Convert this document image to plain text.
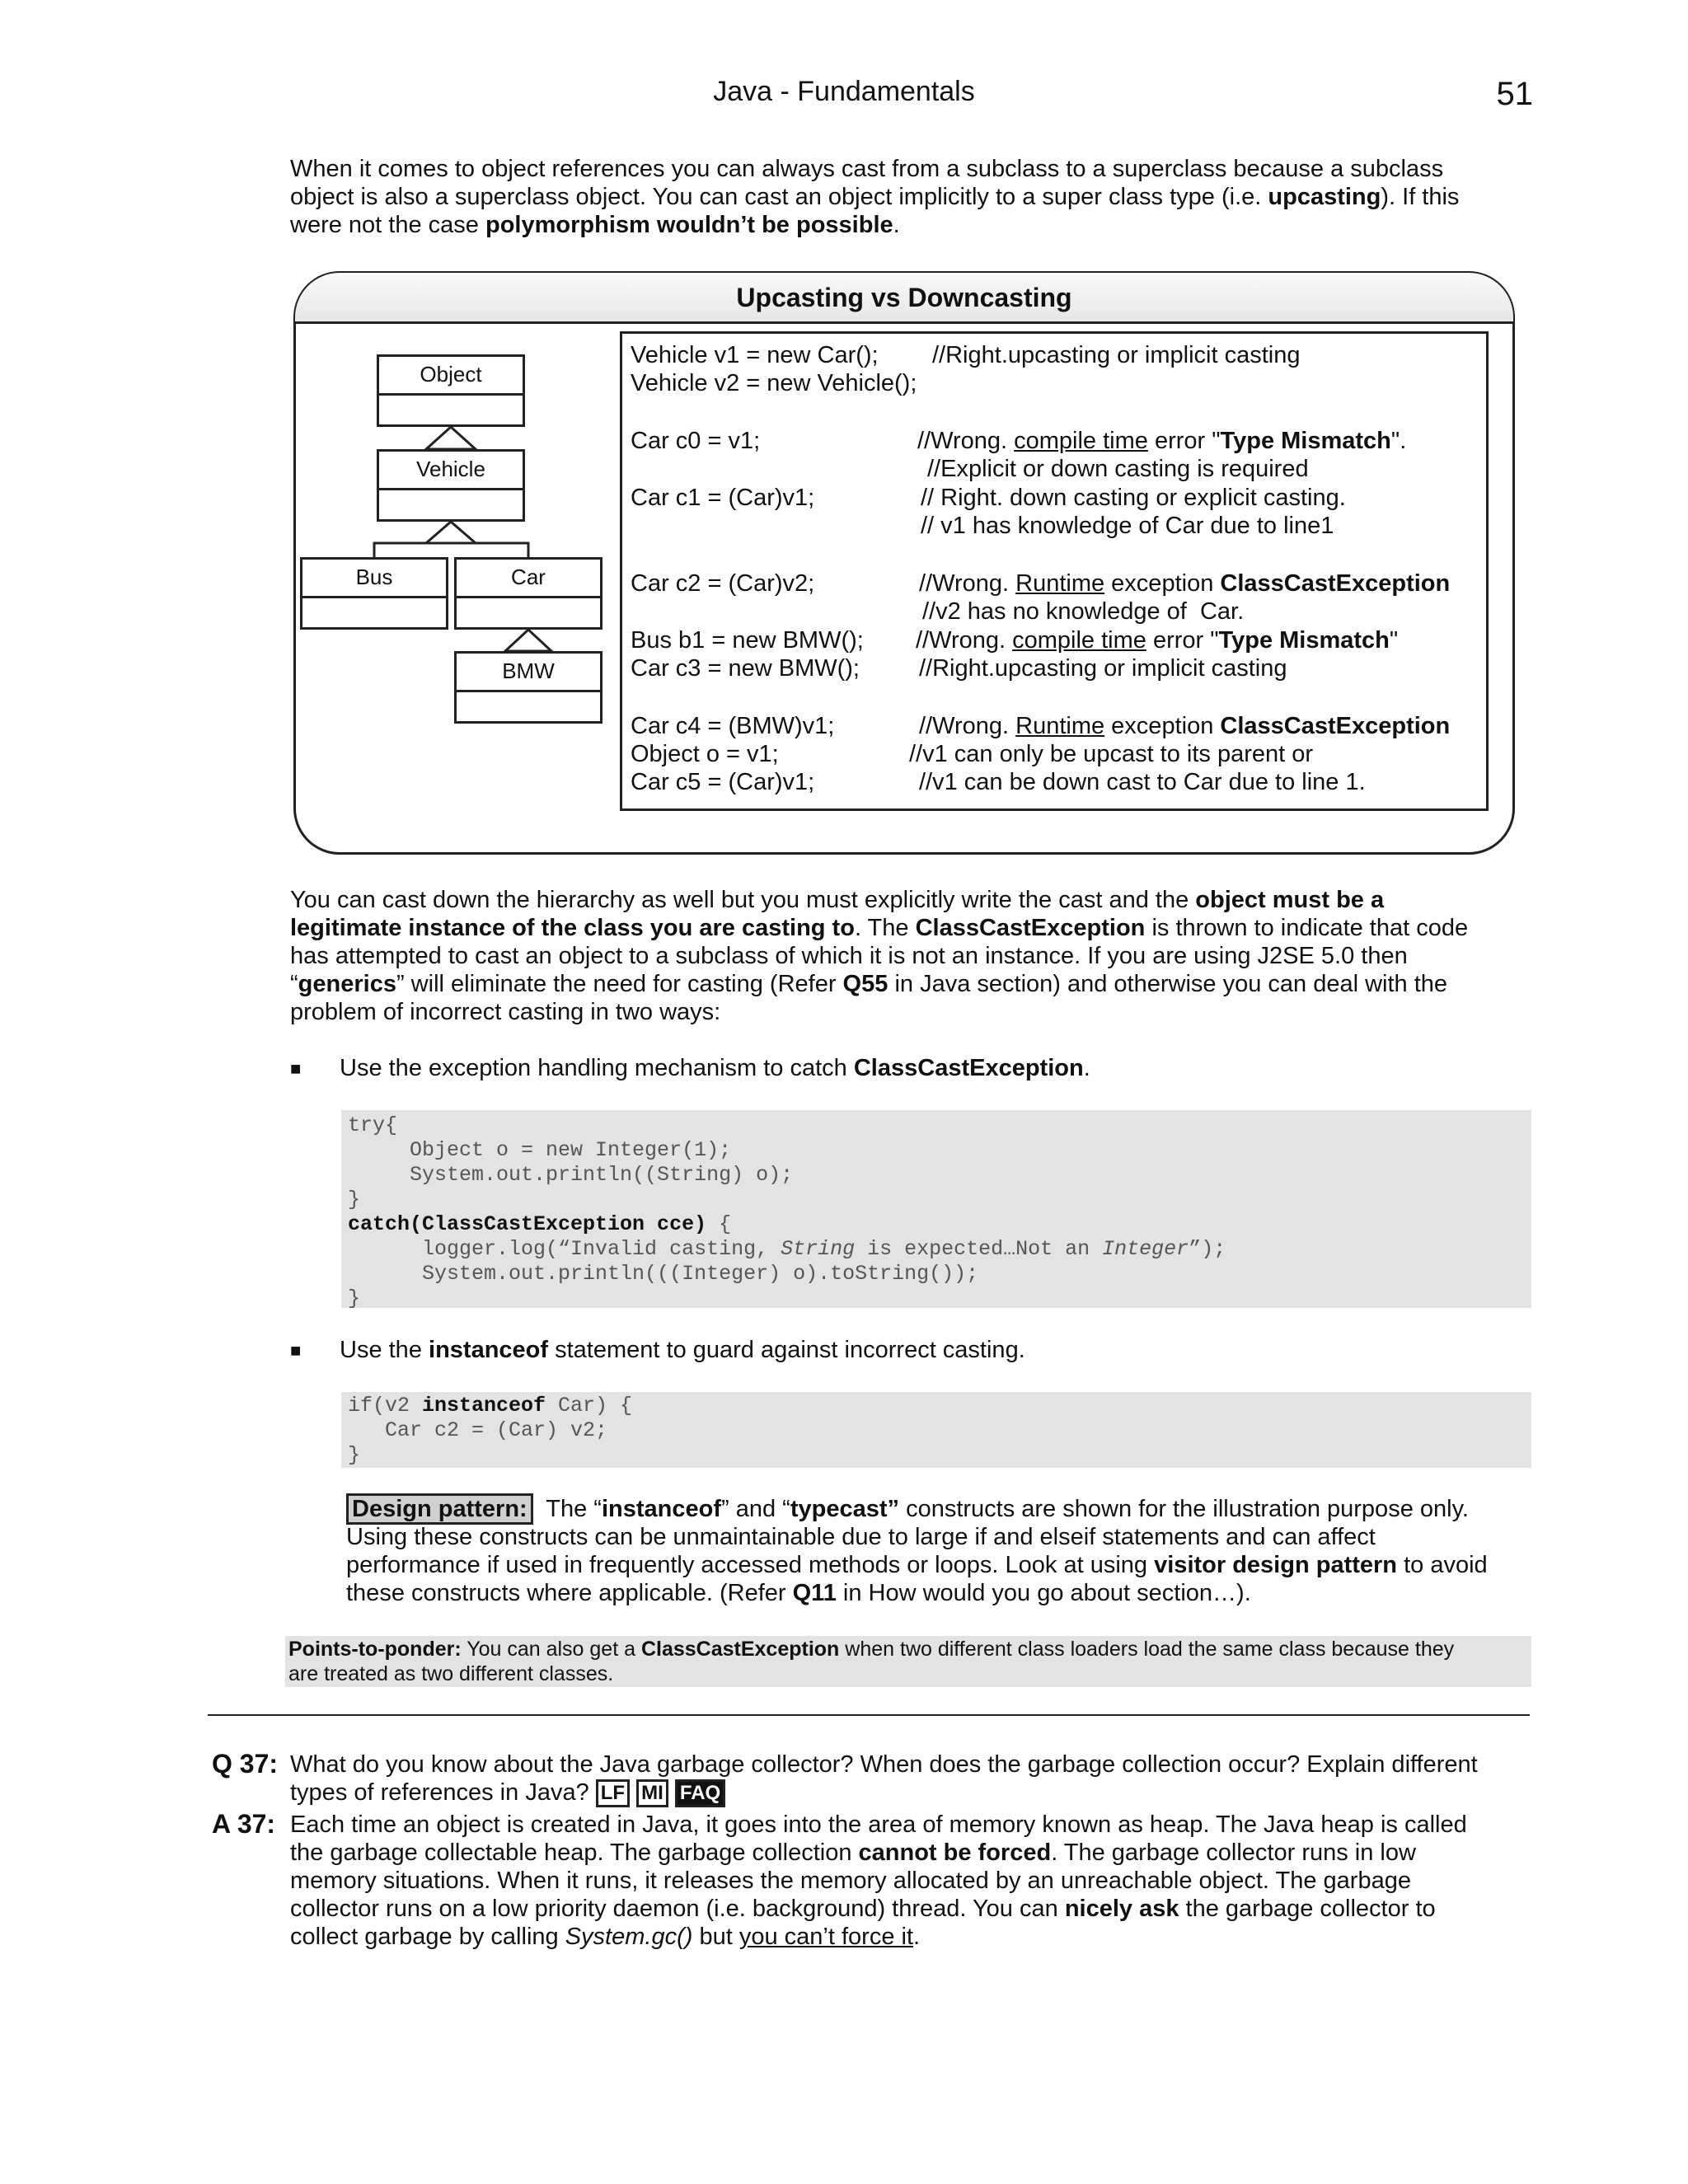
Java - Fundamentals	51
When it comes to object references you can always cast from a subclass to a superclass because a subclass
object is also a superclass object. You can cast an object implicitly to a super class type (i.e. upcasting). If this
were not the case polymorphism wouldn’t be possible.
Upcasting vs Downcasting
Object
Vehicle
Bus	Car
BMW
Vehicle v1 = new Car(); //Right.upcasting or implicit casting
Vehicle v2 = new Vehicle();
Car c0 = v1;	//Wrong. compile time error "Type Mismatch".
//Explicit or down casting is required
Car c1 = (Car)v1;	// Right. down casting or explicit casting.
// v1 has knowledge of Car due to line1
Car c2 = (Car)v2;	//Wrong. Runtime exception ClassCastException
//v2 has no knowledge of  Car.
Bus b1 = new BMW(); //Wrong. compile time error "Type Mismatch"
Car c3 = new BMW(); //Right.upcasting or implicit casting
Car c4 = (BMW)v1;	//Wrong. Runtime exception ClassCastException
Object o = v1;	//v1 can only be upcast to its parent or
Car c5 = (Car)v1;	//v1 can be down cast to Car due to line 1.
You can cast down the hierarchy as well but you must explicitly write the cast and the object must be a
legitimate instance of the class you are casting to. The ClassCastException is thrown to indicate that code
has attempted to cast an object to a subclass of which it is not an instance. If you are using J2SE 5.0 then
“generics” will eliminate the need for casting (Refer Q55 in Java section) and otherwise you can deal with the
problem of incorrect casting in two ways:
■ Use the exception handling mechanism to catch ClassCastException.
try{
Object o = new Integer(1);
System.out.println((String) o);
}
catch(ClassCastException cce) {
logger.log(“Invalid casting, String is expected…Not an Integer”);
System.out.println(((Integer) o).toString());
}
■ Use the instanceof statement to guard against incorrect casting.
if(v2 instanceof Car) {
Car c2 = (Car) v2;
}
Design pattern: The “instanceof” and “typecast” constructs are shown for the illustration purpose only.
Using these constructs can be unmaintainable due to large if and elseif statements and can affect
performance if used in frequently accessed methods or loops. Look at using visitor design pattern to avoid
these constructs where applicable. (Refer Q11 in How would you go about section…).
Points-to-ponder: You can also get a ClassCastException when two different class loaders load the same class because they
are treated as two different classes.
Q 37: What do you know about the Java garbage collector? When does the garbage collection occur? Explain different
types of references in Java? LF MI FAQ
A 37: Each time an object is created in Java, it goes into the area of memory known as heap. The Java heap is called
the garbage collectable heap. The garbage collection cannot be forced. The garbage collector runs in low
memory situations. When it runs, it releases the memory allocated by an unreachable object. The garbage
collector runs on a low priority daemon (i.e. background) thread. You can nicely ask the garbage collector to
collect garbage by calling System.gc() but you can’t force it.
